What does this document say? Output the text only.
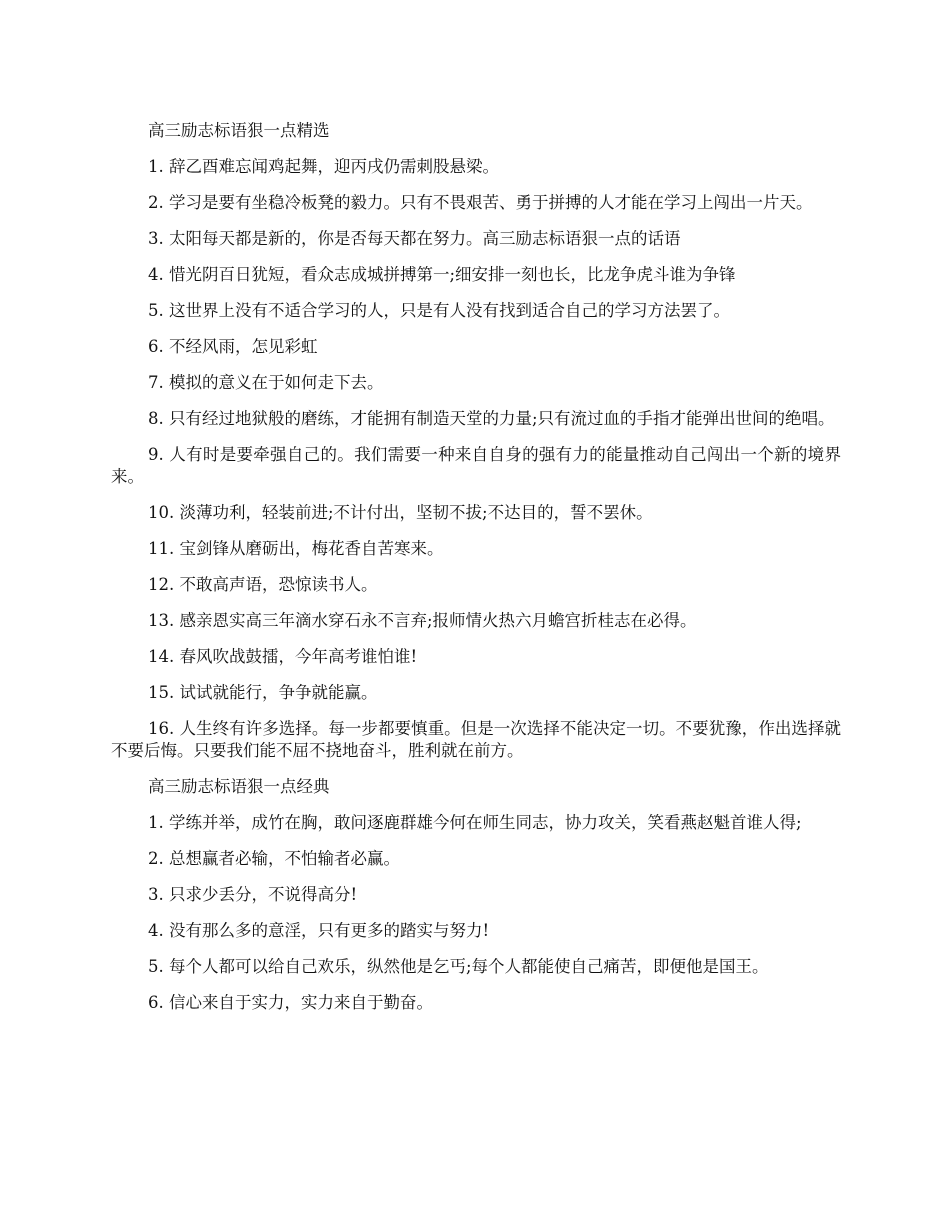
高三励志标语狠一点精选

1. 辞乙酉难忘闻鸡起舞，迎丙戌仍需刺股悬梁。

2. 学习是要有坐稳冷板凳的毅力。只有不畏艰苦、勇于拼搏的人才能在学习上闯出一片天。

3. 太阳每天都是新的，你是否每天都在努力。高三励志标语狠一点的话语

4. 惜光阴百日犹短，看众志成城拼搏第一;细安排一刻也长，比龙争虎斗谁为争锋

5. 这世界上没有不适合学习的人，只是有人没有找到适合自己的学习方法罢了。

6. 不经风雨，怎见彩虹

7. 模拟的意义在于如何走下去。

8. 只有经过地狱般的磨练，才能拥有制造天堂的力量;只有流过血的手指才能弹出世间的绝唱。

9. 人有时是要牵强自己的。我们需要一种来自自身的强有力的能量推动自己闯出一个新的境界来。

10. 淡薄功利，轻装前进;不计付出，坚韧不拔;不达目的，誓不罢休。

11. 宝剑锋从磨砺出，梅花香自苦寒来。

12. 不敢高声语，恐惊读书人。

13. 感亲恩实高三年滴水穿石永不言弃;报师情火热六月蟾宫折桂志在必得。

14. 春风吹战鼓擂，今年高考谁怕谁!

15. 试试就能行，争争就能赢。

16. 人生终有许多选择。每一步都要慎重。但是一次选择不能决定一切。不要犹豫，作出选择就不要后悔。只要我们能不屈不挠地奋斗，胜利就在前方。

高三励志标语狠一点经典

1. 学练并举，成竹在胸，敢问逐鹿群雄今何在师生同志，协力攻关，笑看燕赵魁首谁人得;

2. 总想赢者必输，不怕输者必赢。

3. 只求少丢分，不说得高分!

4. 没有那么多的意淫，只有更多的踏实与努力!

5. 每个人都可以给自己欢乐，纵然他是乞丐;每个人都能使自己痛苦，即便他是国王。

6. 信心来自于实力，实力来自于勤奋。
